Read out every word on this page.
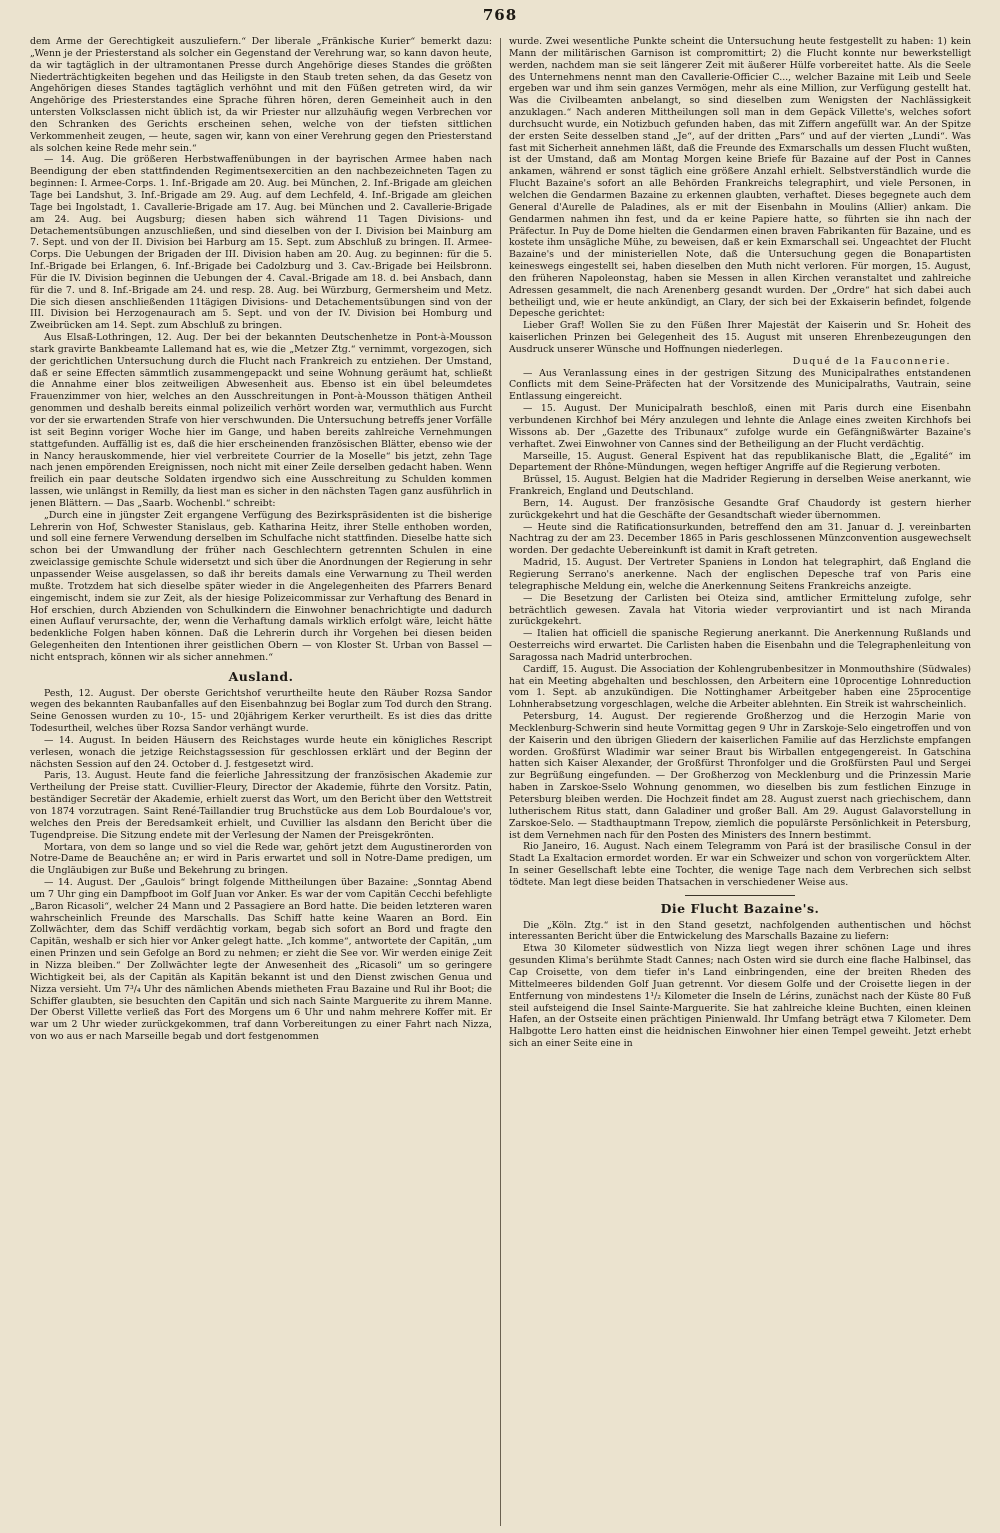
768

dem Arme der Gerechtigkeit auszuliefern.“ Der liberale „Fränkische Kurier“ bemerkt dazu: „Wenn je der Priesterstand als solcher ein Gegenstand der Verehrung war, so kann davon heute, da wir tagtäglich in der ultramontanen Presse durch Angehörige dieses Standes die größten Niederträchtigkeiten begehen und das Heiligste in den Staub treten sehen, da das Gesetz von Angehörigen dieses Standes tagtäglich verhöhnt und mit den Füßen getreten wird, da wir Angehörige des Priesterstandes eine Sprache führen hören, deren Gemeinheit auch in den untersten Volksclassen nicht üblich ist, da wir Priester nur allzuhäufig wegen Verbrechen vor den Schranken des Gerichts erscheinen sehen, welche von der tiefsten sittlichen Verkommenheit zeugen, — heute, sagen wir, kann von einer Verehrung gegen den Priesterstand als solchen keine Rede mehr sein.“

— 14. Aug. Die größeren Herbstwaffenübungen in der bayrischen Armee haben nach Beendigung der eben stattfindenden Regimentsexercitien an den nachbezeichneten Tagen zu beginnen: I. Armee-Corps. 1. Inf.-Brigade am 20. Aug. bei München, 2. Inf.-Brigade am gleichen Tage bei Landshut, 3. Inf.-Brigade am 29. Aug. auf dem Lechfeld, 4. Inf.-Brigade am gleichen Tage bei Ingolstadt, 1. Cavallerie-Brigade am 17. Aug. bei München und 2. Cavallerie-Brigade am 24. Aug. bei Augsburg; diesen haben sich während 11 Tagen Divisions- und Detachementsübungen anzuschließen, und sind dieselben von der I. Division bei Mainburg am 7. Sept. und von der II. Division bei Harburg am 15. Sept. zum Abschluß zu bringen. II. Armee-Corps. Die Uebungen der Brigaden der III. Division haben am 20. Aug. zu beginnen: für die 5. Inf.-Brigade bei Erlangen, 6. Inf.-Brigade bei Cadolzburg und 3. Cav.-Brigade bei Heilsbronn. Für die IV. Division beginnen die Uebungen der 4. Caval.-Brigade am 18. d. bei Ansbach, dann für die 7. und 8. Inf.-Brigade am 24. und resp. 28. Aug. bei Würzburg, Germersheim und Metz. Die sich diesen anschließenden 11tägigen Divisions- und Detachementsübungen sind von der III. Division bei Herzogenaurach am 5. Sept. und von der IV. Division bei Homburg und Zweibrücken am 14. Sept. zum Abschluß zu bringen.

Aus Elsaß-Lothringen, 12. Aug. Der bei der bekannten Deutschenhetze in Pont-à-Mousson stark gravirte Bankbeamte Lallemand hat es, wie die „Metzer Ztg.“ vernimmt, vorgezogen, sich der gerichtlichen Untersuchung durch die Flucht nach Frankreich zu entziehen. Der Umstand, daß er seine Effecten sämmtlich zusammengepackt und seine Wohnung geräumt hat, schließt die Annahme einer blos zeitweiligen Abwesenheit aus. Ebenso ist ein übel beleumdetes Frauenzimmer von hier, welches an den Ausschreitungen in Pont-à-Mousson thätigen Antheil genommen und deshalb bereits einmal polizeilich verhört worden war, vermuthlich aus Furcht vor der sie erwartenden Strafe von hier verschwunden. Die Untersuchung betreffs jener Vorfälle ist seit Beginn voriger Woche hier im Gange, und haben bereits zahlreiche Vernehmungen stattgefunden. Auffällig ist es, daß die hier erscheinenden französischen Blätter, ebenso wie der in Nancy herauskommende, hier viel verbreitete Courrier de la Moselle“ bis jetzt, zehn Tage nach jenen empörenden Ereignissen, noch nicht mit einer Zeile derselben gedacht haben. Wenn freilich ein paar deutsche Soldaten irgendwo sich eine Ausschreitung zu Schulden kommen lassen, wie unlängst in Remilly, da liest man es sicher in den nächsten Tagen ganz ausführlich in jenen Blättern. — Das „Saarb. Wochenbl.“ schreibt:

„Durch eine in jüngster Zeit ergangene Verfügung des Bezirkspräsidenten ist die bisherige Lehrerin von Hof, Schwester Stanislaus, geb. Katharina Heitz, ihrer Stelle enthoben worden, und soll eine fernere Verwendung derselben im Schulfache nicht stattfinden. Dieselbe hatte sich schon bei der Umwandlung der früher nach Geschlechtern getrennten Schulen in eine zweiclassige gemischte Schule widersetzt und sich über die Anordnungen der Regierung in sehr unpassender Weise ausgelassen, so daß ihr bereits damals eine Verwarnung zu Theil werden mußte. Trotzdem hat sich dieselbe später wieder in die Angelegenheiten des Pfarrers Benard eingemischt, indem sie zur Zeit, als der hiesige Polizeicommissar zur Verhaftung des Benard in Hof erschien, durch Abzienden von Schulkindern die Einwohner benachrichtigte und dadurch einen Auflauf verursachte, der, wenn die Verhaftung damals wirklich erfolgt wäre, leicht hätte bedenkliche Folgen haben können. Daß die Lehrerin durch ihr Vorgehen bei diesen beiden Gelegenheiten den Intentionen ihrer geistlichen Obern — von Kloster St. Urban von Bassel — nicht entsprach, können wir als sicher annehmen.“

Ausland.

Pesth, 12. August. Der oberste Gerichtshof verurtheilte heute den Räuber Rozsa Sandor wegen des bekannten Raubanfalles auf den Eisenbahnzug bei Boglar zum Tod durch den Strang. Seine Genossen wurden zu 10-, 15- und 20jährigem Kerker verurtheilt. Es ist dies das dritte Todesurtheil, welches über Rozsa Sandor verhängt wurde.

— 14. August. In beiden Häusern des Reichstages wurde heute ein königliches Rescript verlesen, wonach die jetzige Reichstagssession für geschlossen erklärt und der Beginn der nächsten Session auf den 24. October d. J. festgesetzt wird.

Paris, 13. August. Heute fand die feierliche Jahressitzung der französischen Akademie zur Vertheilung der Preise statt. Cuvillier-Fleury, Director der Akademie, führte den Vorsitz. Patin, beständiger Secretär der Akademie, erhielt zuerst das Wort, um den Bericht über den Wettstreit von 1874 vorzutragen. Saint René-Taillandier trug Bruchstücke aus dem Lob Bourdaloue's vor, welches den Preis der Beredsamkeit erhielt, und Cuvillier las alsdann den Bericht über die Tugendpreise. Die Sitzung endete mit der Verlesung der Namen der Preisgekrönten.

Mortara, von dem so lange und so viel die Rede war, gehört jetzt dem Augustinerorden von Notre-Dame de Beauchêne an; er wird in Paris erwartet und soll in Notre-Dame predigen, um die Ungläubigen zur Buße und Bekehrung zu bringen.

— 14. August. Der „Gaulois“ bringt folgende Mittheilungen über Bazaine: „Sonntag Abend um 7 Uhr ging ein Dampfboot im Golf Juan vor Anker. Es war der vom Capitän Cecchi befehligte „Baron Ricasoli“, welcher 24 Mann und 2 Passagiere an Bord hatte. Die beiden letzteren waren wahrscheinlich Freunde des Marschalls. Das Schiff hatte keine Waaren an Bord. Ein Zollwächter, dem das Schiff verdächtig vorkam, begab sich sofort an Bord und fragte den Capitän, weshalb er sich hier vor Anker gelegt hatte. „Ich komme“, antwortete der Capitän, „um einen Prinzen und sein Gefolge an Bord zu nehmen; er zieht die See vor. Wir werden einige Zeit in Nizza bleiben.“ Der Zollwächter legte der Anwesenheit des „Ricasoli“ um so geringere Wichtigkeit bei, als der Capitän als Kapitän bekannt ist und den Dienst zwischen Genua und Nizza versieht. Um 7³/₄ Uhr des nämlichen Abends mietheten Frau Bazaine und Rul ihr Boot; die Schiffer glaubten, sie besuchten den Capitän und sich nach Sainte Marguerite zu ihrem Manne. Der Oberst Villette verließ das Fort des Morgens um 6 Uhr und nahm mehrere Koffer mit. Er war um 2 Uhr wieder zurückgekommen, traf dann Vorbereitungen zu einer Fahrt nach Nizza, von wo aus er nach Marseille begab und dort festgenommen

wurde. Zwei wesentliche Punkte scheint die Untersuchung heute festgestellt zu haben: 1) kein Mann der militärischen Garnison ist compromittirt; 2) die Flucht konnte nur bewerkstelligt werden, nachdem man sie seit längerer Zeit mit äußerer Hülfe vorbereitet hatte. Als die Seele des Unternehmens nennt man den Cavallerie-Officier C..., welcher Bazaine mit Leib und Seele ergeben war und ihm sein ganzes Vermögen, mehr als eine Million, zur Verfügung gestellt hat. Was die Civilbeamten anbelangt, so sind dieselben zum Wenigsten der Nachlässigkeit anzuklagen.“ Nach anderen Mittheilungen soll man in dem Gepäck Villette's, welches sofort durchsucht wurde, ein Notizbuch gefunden haben, das mit Ziffern angefüllt war. An der Spitze der ersten Seite desselben stand „Je“, auf der dritten „Pars“ und auf der vierten „Lundi“. Was fast mit Sicherheit annehmen läßt, daß die Freunde des Exmarschalls um dessen Flucht wußten, ist der Umstand, daß am Montag Morgen keine Briefe für Bazaine auf der Post in Cannes ankamen, während er sonst täglich eine größere Anzahl erhielt. Selbstverständlich wurde die Flucht Bazaine's sofort an alle Behörden Frankreichs telegraphirt, und viele Personen, in welchen die Gendarmen Bazaine zu erkennen glaubten, verhaftet. Dieses begegnete auch dem General d'Aurelle de Paladines, als er mit der Eisenbahn in Moulins (Allier) ankam. Die Gendarmen nahmen ihn fest, und da er keine Papiere hatte, so führten sie ihn nach der Präfectur. In Puy de Dome hielten die Gendarmen einen braven Fabrikanten für Bazaine, und es kostete ihm unsägliche Mühe, zu beweisen, daß er kein Exmarschall sei. Ungeachtet der Flucht Bazaine's und der ministeriellen Note, daß die Untersuchung gegen die Bonapartisten keineswegs eingestellt sei, haben dieselben den Muth nicht verloren. Für morgen, 15. August, den früheren Napoleonstag, haben sie Messen in allen Kirchen veranstaltet und zahlreiche Adressen gesammelt, die nach Arenenberg gesandt wurden. Der „Ordre“ hat sich dabei auch betheiligt und, wie er heute ankündigt, an Clary, der sich bei der Exkaiserin befindet, folgende Depesche gerichtet:

Lieber Graf! Wollen Sie zu den Füßen Ihrer Majestät der Kaiserin und Sr. Hoheit des kaiserlichen Prinzen bei Gelegenheit des 15. August mit unseren Ehrenbezeugungen den Ausdruck unserer Wünsche und Hoffnungen niederlegen.

Duqué de la Fauconnerie.

— Aus Veranlassung eines in der gestrigen Sitzung des Municipalrathes entstandenen Conflicts mit dem Seine-Präfecten hat der Vorsitzende des Municipalraths, Vautrain, seine Entlassung eingereicht.

— 15. August. Der Municipalrath beschloß, einen mit Paris durch eine Eisenbahn verbundenen Kirchhof bei Méry anzulegen und lehnte die Anlage eines zweiten Kirchhofs bei Wissons ab. Der „Gazette des Tribunaux“ zufolge wurde ein Gefängnißwärter Bazaine's verhaftet. Zwei Einwohner von Cannes sind der Betheiligung an der Flucht verdächtig.

Marseille, 15. August. General Espivent hat das republikanische Blatt, die „Egalité“ im Departement der Rhône-Mündungen, wegen heftiger Angriffe auf die Regierung verboten.

Brüssel, 15. August. Belgien hat die Madrider Regierung in derselben Weise anerkannt, wie Frankreich, England und Deutschland.

Bern, 14. August. Der französische Gesandte Graf Chaudordy ist gestern hierher zurückgekehrt und hat die Geschäfte der Gesandtschaft wieder übernommen.

— Heute sind die Ratificationsurkunden, betreffend den am 31. Januar d. J. vereinbarten Nachtrag zu der am 23. December 1865 in Paris geschlossenen Münzconvention ausgewechselt worden. Der gedachte Uebereinkunft ist damit in Kraft getreten.

Madrid, 15. August. Der Vertreter Spaniens in London hat telegraphirt, daß England die Regierung Serrano's anerkenne. Nach der englischen Depesche traf von Paris eine telegraphische Meldung ein, welche die Anerkennung Seitens Frankreichs anzeigte.

— Die Besetzung der Carlisten bei Oteiza sind, amtlicher Ermittelung zufolge, sehr beträchtlich gewesen. Zavala hat Vitoria wieder verproviantirt und ist nach Miranda zurückgekehrt.

— Italien hat officiell die spanische Regierung anerkannt. Die Anerkennung Rußlands und Oesterreichs wird erwartet. Die Carlisten haben die Eisenbahn und die Telegraphenleitung von Saragossa nach Madrid unterbrochen.

Cardiff, 15. August. Die Association der Kohlengrubenbesitzer in Monmouthshire (Südwales) hat ein Meeting abgehalten und beschlossen, den Arbeitern eine 10procentige Lohnreduction vom 1. Sept. ab anzukündigen. Die Nottinghamer Arbeitgeber haben eine 25procentige Lohnherabsetzung vorgeschlagen, welche die Arbeiter ablehnten. Ein Streik ist wahrscheinlich.

Petersburg, 14. August. Der regierende Großherzog und die Herzogin Marie von Mecklenburg-Schwerin sind heute Vormittag gegen 9 Uhr in Zarskoje-Selo eingetroffen und von der Kaiserin und den übrigen Gliedern der kaiserlichen Familie auf das Herzlichste empfangen worden. Großfürst Wladimir war seiner Braut bis Wirballen entgegengereist. In Gatschina hatten sich Kaiser Alexander, der Großfürst Thronfolger und die Großfürsten Paul und Sergei zur Begrüßung eingefunden. — Der Großherzog von Mecklenburg und die Prinzessin Marie haben in Zarskoe-Sselo Wohnung genommen, wo dieselben bis zum festlichen Einzuge in Petersburg bleiben werden. Die Hochzeit findet am 28. August zuerst nach griechischem, dann lutherischem Ritus statt, dann Galadiner und großer Ball. Am 29. August Galavorstellung in Zarskoe-Selo. — Stadthauptmann Trepow, ziemlich die populärste Persönlichkeit in Petersburg, ist dem Vernehmen nach für den Posten des Ministers des Innern bestimmt.

Rio Janeiro, 16. August. Nach einem Telegramm von Pará ist der brasilische Consul in der Stadt La Exaltacion ermordet worden. Er war ein Schweizer und schon von vorgerücktem Alter. In seiner Gesellschaft lebte eine Tochter, die wenige Tage nach dem Verbrechen sich selbst tödtete. Man legt diese beiden Thatsachen in verschiedener Weise aus.

Die Flucht Bazaine's.

Die „Köln. Ztg.“ ist in den Stand gesetzt, nachfolgenden authentischen und höchst interessanten Bericht über die Entwickelung des Marschalls Bazaine zu liefern:

Etwa 30 Kilometer südwestlich von Nizza liegt wegen ihrer schönen Lage und ihres gesunden Klima's berühmte Stadt Cannes; nach Osten wird sie durch eine flache Halbinsel, das Cap Croisette, von dem tiefer in's Land einbringenden, eine der breiten Rheden des Mittelmeeres bildenden Golf Juan getrennt. Vor diesem Golfe und der Croisette liegen in der Entfernung von mindestens 1¹/₂ Kilometer die Inseln de Lérins, zunächst nach der Küste 80 Fuß steil aufsteigend die Insel Sainte-Marguerite. Sie hat zahlreiche kleine Buchten, einen kleinen Hafen, an der Ostseite einen prächtigen Pinienwald. Ihr Umfang beträgt etwa 7 Kilometer. Dem Halbgotte Lero hatten einst die heidnischen Einwohner hier einen Tempel geweiht. Jetzt erhebt sich an einer Seite eine in
